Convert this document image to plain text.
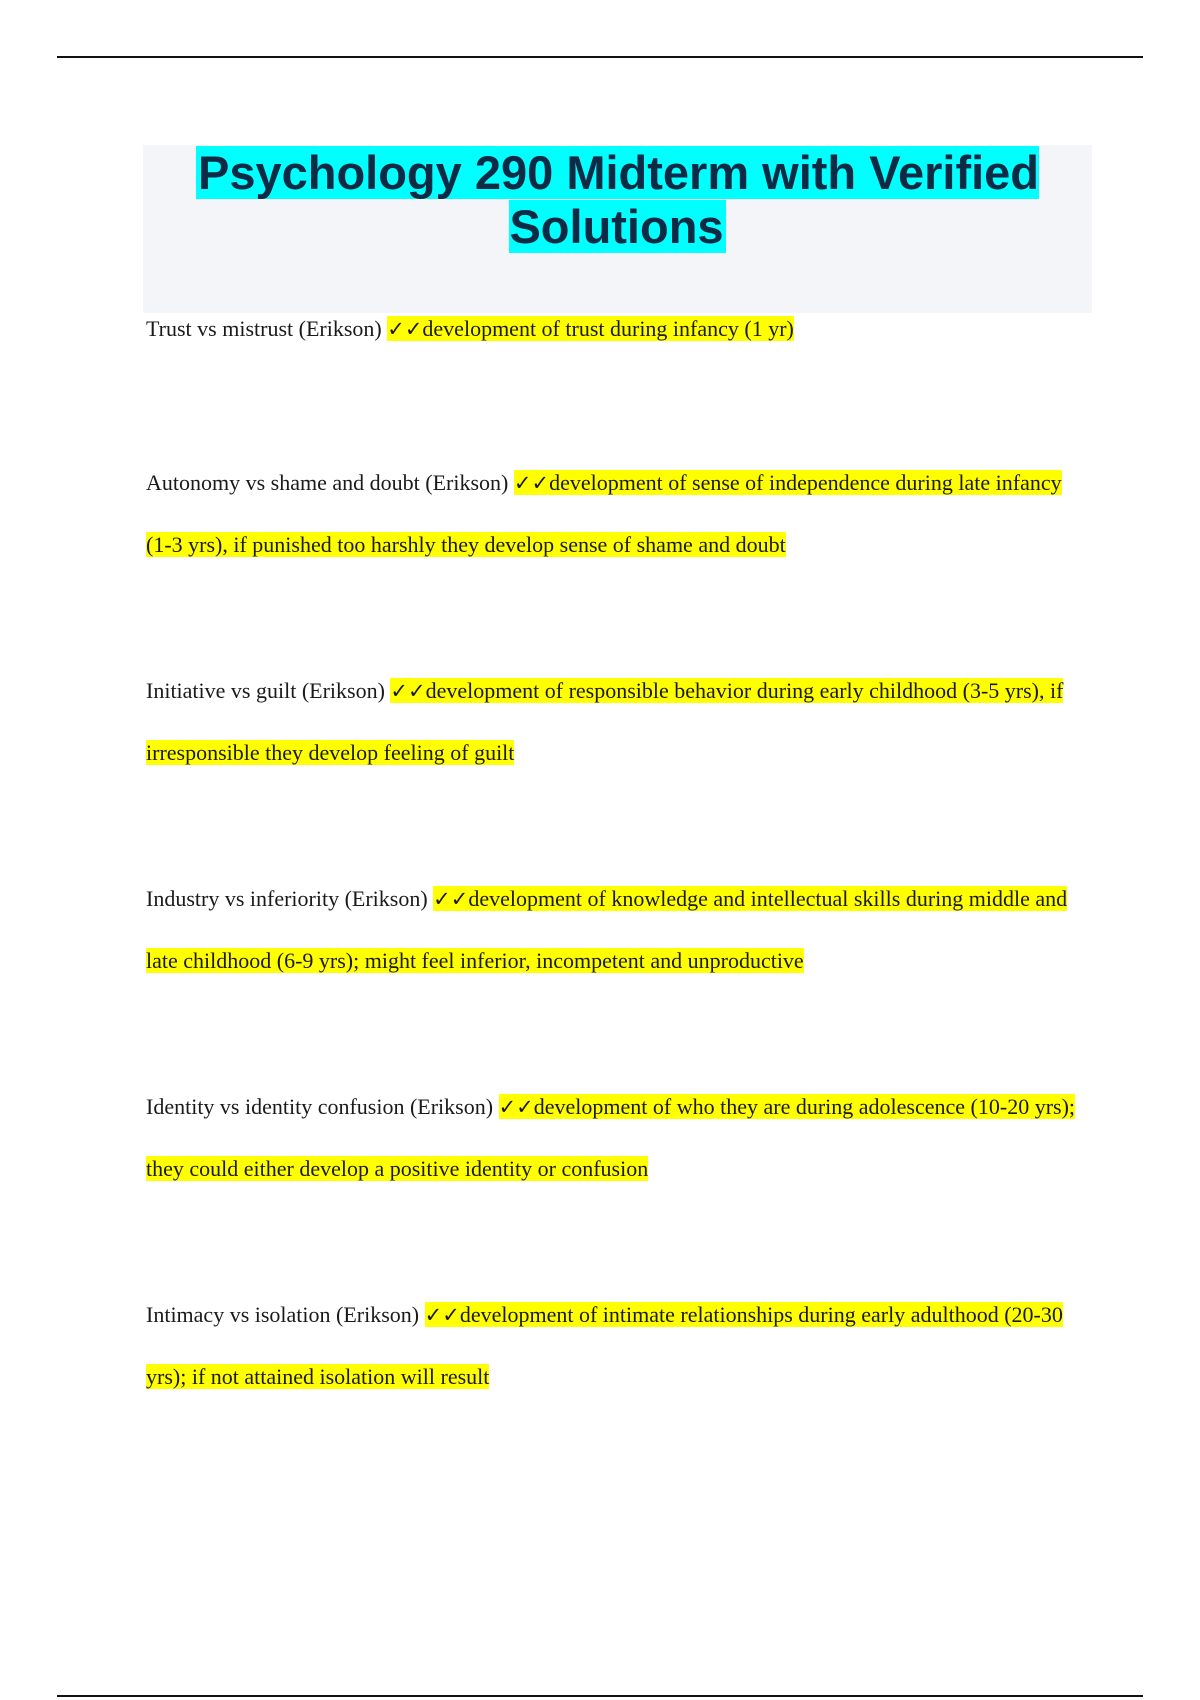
Psychology 290 Midterm with Verified Solutions

Trust vs mistrust (Erikson) ✓✓development of trust during infancy (1 yr)

Autonomy vs shame and doubt (Erikson) ✓✓development of sense of independence during late infancy (1-3 yrs), if punished too harshly they develop sense of shame and doubt

Initiative vs guilt (Erikson) ✓✓development of responsible behavior during early childhood (3-5 yrs), if irresponsible they develop feeling of guilt

Industry vs inferiority (Erikson) ✓✓development of knowledge and intellectual skills during middle and late childhood (6-9 yrs); might feel inferior, incompetent and unproductive

Identity vs identity confusion (Erikson) ✓✓development of who they are during adolescence (10-20 yrs); they could either develop a positive identity or confusion

Intimacy vs isolation (Erikson) ✓✓development of intimate relationships during early adulthood (20-30 yrs); if not attained isolation will result
